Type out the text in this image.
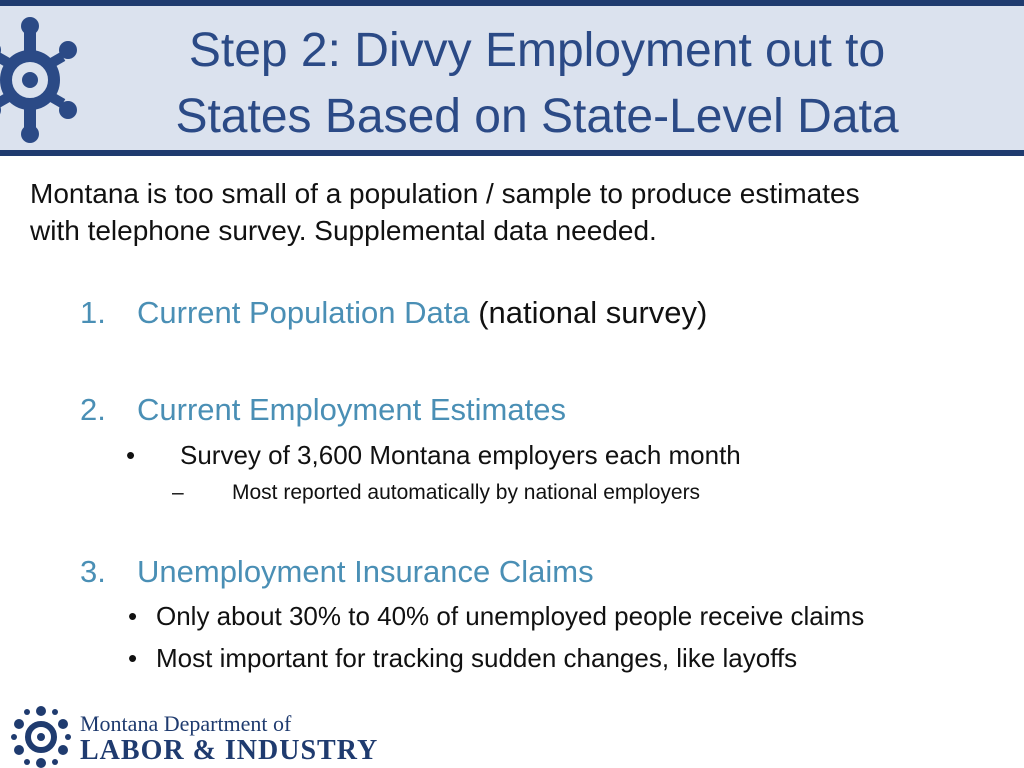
Step 2: Divvy Employment out to
States Based on State-Level Data
Montana is too small of a population / sample to produce estimates
with telephone survey. Supplemental data needed.
1. Current Population Data (national survey)
2. Current Employment Estimates
• Survey of 3,600 Montana employers each month
– Most reported automatically by national employers
3. Unemployment Insurance Claims
• Only about 30% to 40% of unemployed people receive claims
• Most important for tracking sudden changes, like layoffs
Montana Department of
LABOR & INDUSTRY
